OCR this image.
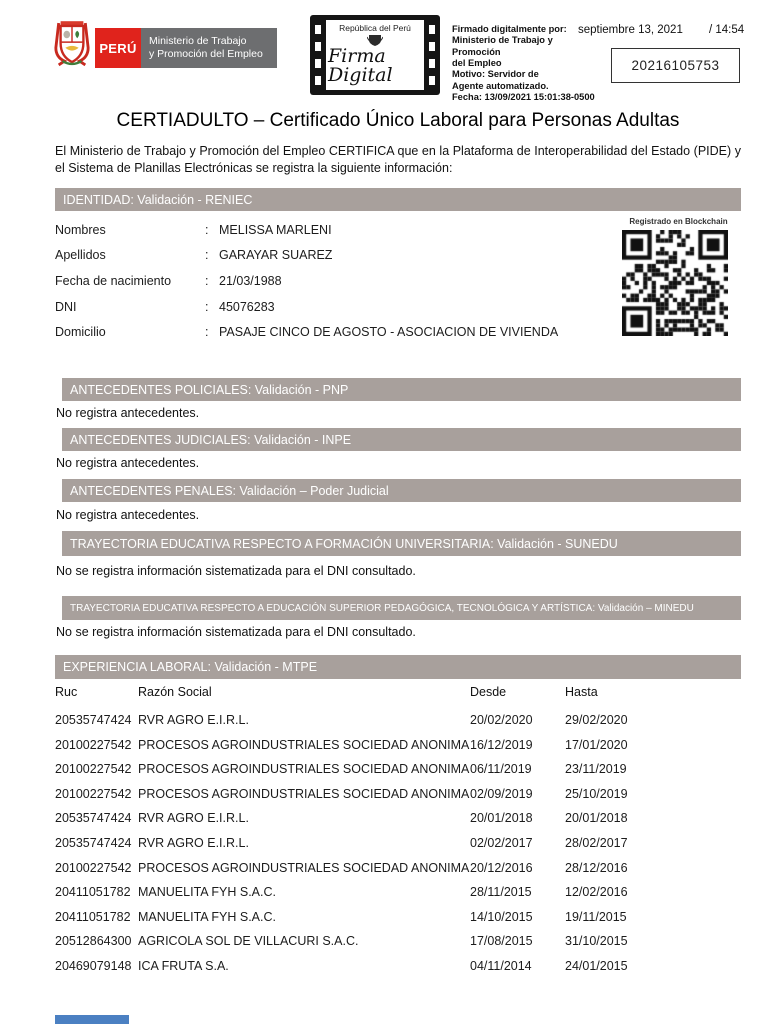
PERÚ Ministerio de Trabajo
y Promoción del Empleo
República del Perú
Firma Digital
Firmado digitalmente por:
Ministerio de Trabajo y Promoción
del Empleo
Motivo: Servidor de
Agente automatizado.
Fecha: 13/09/2021 15:01:38-0500
septiembre 13, 2021 / 14:54
20216105753
CERTIADULTO – Certificado Único Laboral para Personas Adultas
El Ministerio de Trabajo y Promoción del Empleo CERTIFICA que en la Plataforma de Interoperabilidad del Estado (PIDE) y el Sistema de Planillas Electrónicas se registra la siguiente información:
IDENTIDAD: Validación - RENIEC
Nombres	: MELISSA MARLENI
Apellidos	: GARAYAR SUAREZ
Fecha de nacimiento	: 21/03/1988
DNI	: 45076283
Domicilio	: PASAJE CINCO DE AGOSTO - ASOCIACION DE VIVIENDA
Registrado en Blockchain
ANTECEDENTES POLICIALES: Validación - PNP
No registra antecedentes.
ANTECEDENTES JUDICIALES: Validación - INPE
No registra antecedentes.
ANTECEDENTES PENALES: Validación – Poder Judicial
No registra antecedentes.
TRAYECTORIA EDUCATIVA RESPECTO A FORMACIÓN UNIVERSITARIA: Validación - SUNEDU
No se registra información sistematizada para el DNI consultado.
TRAYECTORIA EDUCATIVA RESPECTO A EDUCACIÓN SUPERIOR PEDAGÓGICA, TECNOLÓGICA Y ARTÍSTICA: Validación – MINEDU
No se registra información sistematizada para el DNI consultado.
EXPERIENCIA LABORAL: Validación - MTPE
Ruc	Razón Social	Desde	Hasta
20535747424 RVR AGRO E.I.R.L.	20/02/2020	29/02/2020
20100227542 PROCESOS AGROINDUSTRIALES SOCIEDAD ANONIMA 16/12/2019	17/01/2020
20100227542 PROCESOS AGROINDUSTRIALES SOCIEDAD ANONIMA 06/11/2019	23/11/2019
20100227542 PROCESOS AGROINDUSTRIALES SOCIEDAD ANONIMA 02/09/2019	25/10/2019
20535747424 RVR AGRO E.I.R.L.	20/01/2018	20/01/2018
20535747424 RVR AGRO E.I.R.L.	02/02/2017	28/02/2017
20100227542 PROCESOS AGROINDUSTRIALES SOCIEDAD ANONIMA 20/12/2016	28/12/2016
20411051782 MANUELITA FYH S.A.C.	28/11/2015	12/02/2016
20411051782 MANUELITA FYH S.A.C.	14/10/2015	19/11/2015
20512864300 AGRICOLA SOL DE VILLACURI S.A.C.	17/08/2015	31/10/2015
20469079148 ICA FRUTA S.A.	04/11/2014	24/01/2015
